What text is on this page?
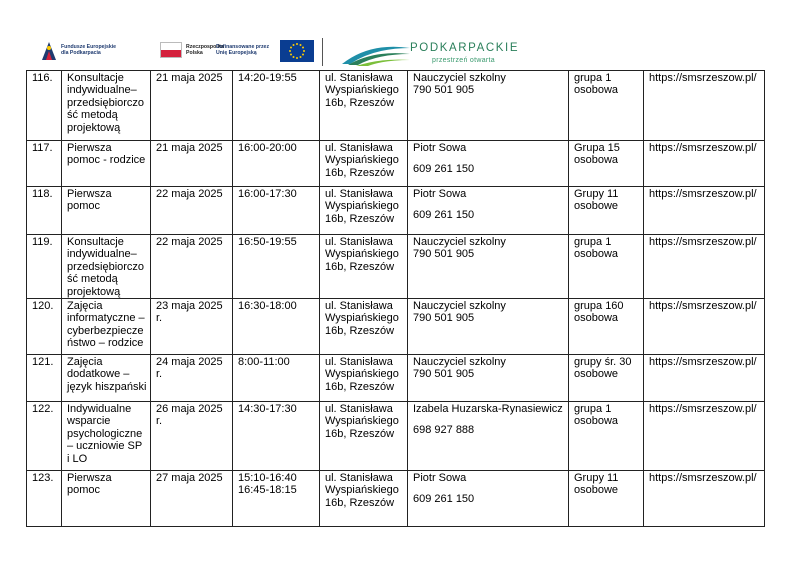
Fundusze Europejskie
dla Podkarpacia
Rzeczpospolita
Polska
Dofinansowane przez
Unię Europejską	PODKARPACKIE
przestrzeń otwarta
116.	Konsultacje
indywidualne–
przedsiębiorczo
ść metodą
projektową	21 maja 2025	14:20-19:55	ul. Stanisława
Wyspiańskiego
16b, Rzeszów	Nauczyciel szkolny
790 501 905	grupa 1
osobowa	https://smsrzeszow.pl/
117.	Pierwsza
pomoc - rodzice	21 maja 2025	16:00-20:00	ul. Stanisława
Wyspiańskiego
16b, Rzeszów	Piotr Sowa
609 261 150	Grupa 15
osobowa	https://smsrzeszow.pl/
118.	Pierwsza
pomoc	22 maja 2025	16:00-17:30	ul. Stanisława
Wyspiańskiego
16b, Rzeszów	Piotr Sowa
609 261 150	Grupy 11
osobowe	https://smsrzeszow.pl/
119.	Konsultacje
indywidualne–
przedsiębiorczo
ść metodą
projektową	22 maja 2025	16:50-19:55	ul. Stanisława
Wyspiańskiego
16b, Rzeszów	Nauczyciel szkolny
790 501 905	grupa 1
osobowa	https://smsrzeszow.pl/
120.	Zajęcia
informatyczne –
cyberbezpiecze
ństwo – rodzice	23 maja 2025
r.	16:30-18:00	ul. Stanisława
Wyspiańskiego
16b, Rzeszów	Nauczyciel szkolny
790 501 905	grupa 160
osobowa	https://smsrzeszow.pl/
121.	Zajęcia
dodatkowe –
język hiszpański	24 maja 2025
r.	8:00-11:00	ul. Stanisława
Wyspiańskiego
16b, Rzeszów	Nauczyciel szkolny
790 501 905	grupy śr. 30
osobowe	https://smsrzeszow.pl/
122.	Indywidualne
wsparcie
psychologiczne
– uczniowie SP
i LO	26 maja 2025
r.	14:30-17:30	ul. Stanisława
Wyspiańskiego
16b, Rzeszów	Izabela Huzarska-Rynasiewicz
698 927 888	grupa 1
osobowa	https://smsrzeszow.pl/
123.	Pierwsza
pomoc	27 maja 2025	15:10-16:40
16:45-18:15	ul. Stanisława
Wyspiańskiego
16b, Rzeszów	Piotr Sowa
609 261 150	Grupy 11
osobowe	https://smsrzeszow.pl/
